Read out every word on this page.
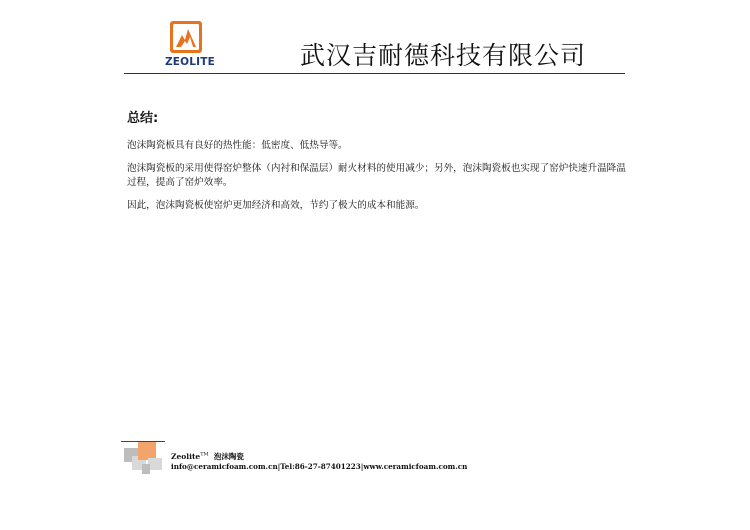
ZEOLITE	武汉吉耐德科技有限公司
总结:
泡沫陶瓷板具有良好的热性能：低密度、低热导等。
泡沫陶瓷板的采用使得窑炉整体（内衬和保温层）耐火材料的使用减少；另外，泡沫陶瓷板也实现了窑炉快速升温降温过程，提高了窑炉效率。
因此，泡沫陶瓷板使窑炉更加经济和高效，节约了极大的成本和能源。
Zeolite™ 泡沫陶瓷
info@ceramicfoam.com.cn|Tel:86-27-87401223|www.ceramicfoam.com.cn
